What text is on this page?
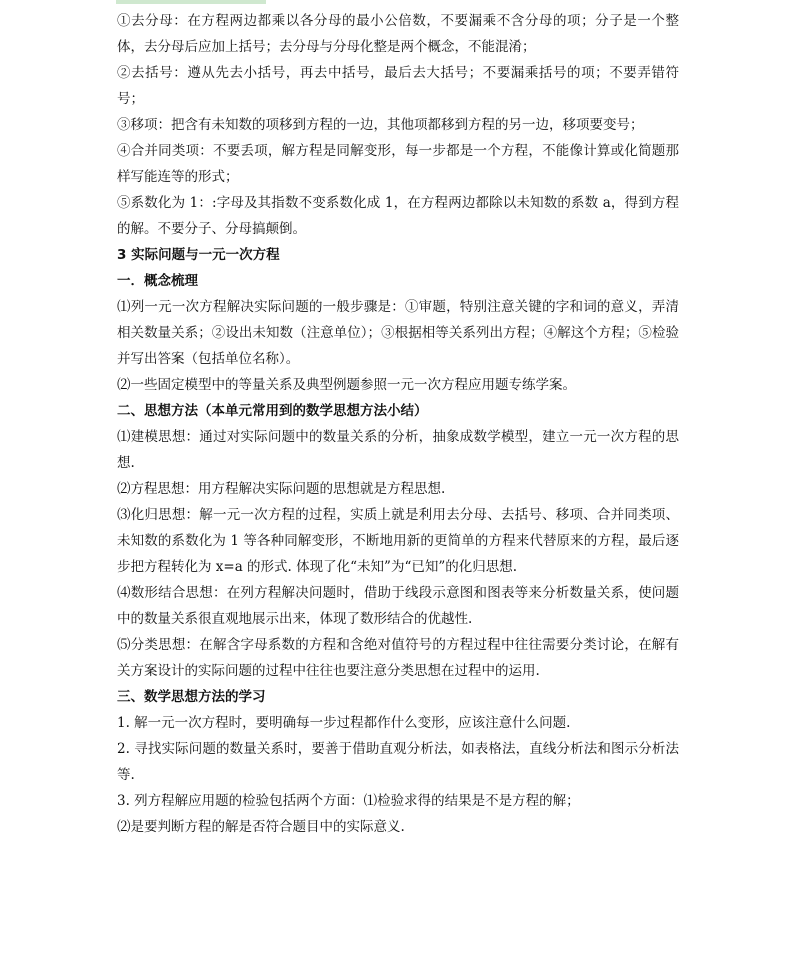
①去分母：在方程两边都乘以各分母的最小公倍数，不要漏乘不含分母的项；分子是一个整体，去分母后应加上括号；去分母与分母化整是两个概念，不能混淆；

②去括号：遵从先去小括号，再去中括号，最后去大括号；不要漏乘括号的项；不要弄错符号；

③移项：把含有未知数的项移到方程的一边，其他项都移到方程的另一边，移项要变号；

④合并同类项：不要丢项，解方程是同解变形，每一步都是一个方程，不能像计算或化简题那样写能连等的形式；

⑤系数化为 1：:字母及其指数不变系数化成 1，在方程两边都除以未知数的系数 a，得到方程的解。不要分子、分母搞颠倒。

3 实际问题与一元一次方程

一．概念梳理

⑴列一元一次方程解决实际问题的一般步骤是：①审题，特别注意关键的字和词的意义，弄清相关数量关系；②设出未知数（注意单位）；③根据相等关系列出方程；④解这个方程；⑤检验并写出答案（包括单位名称）。

⑵一些固定模型中的等量关系及典型例题参照一元一次方程应用题专练学案。

二、思想方法（本单元常用到的数学思想方法小结）

⑴建模思想：通过对实际问题中的数量关系的分析，抽象成数学模型，建立一元一次方程的思想.

⑵方程思想：用方程解决实际问题的思想就是方程思想.

⑶化归思想：解一元一次方程的过程，实质上就是利用去分母、去括号、移项、合并同类项、未知数的系数化为 1 等各种同解变形，不断地用新的更简单的方程来代替原来的方程，最后逐步把方程转化为 x=a 的形式. 体现了化“未知”为“已知”的化归思想.

⑷数形结合思想：在列方程解决问题时，借助于线段示意图和图表等来分析数量关系，使问题中的数量关系很直观地展示出来，体现了数形结合的优越性.

⑸分类思想：在解含字母系数的方程和含绝对值符号的方程过程中往往需要分类讨论，在解有关方案设计的实际问题的过程中往往也要注意分类思想在过程中的运用.

三、数学思想方法的学习

1. 解一元一次方程时，要明确每一步过程都作什么变形，应该注意什么问题.

2. 寻找实际问题的数量关系时，要善于借助直观分析法，如表格法，直线分析法和图示分析法等.

3. 列方程解应用题的检验包括两个方面：⑴检验求得的结果是不是方程的解；

⑵是要判断方程的解是否符合题目中的实际意义.
